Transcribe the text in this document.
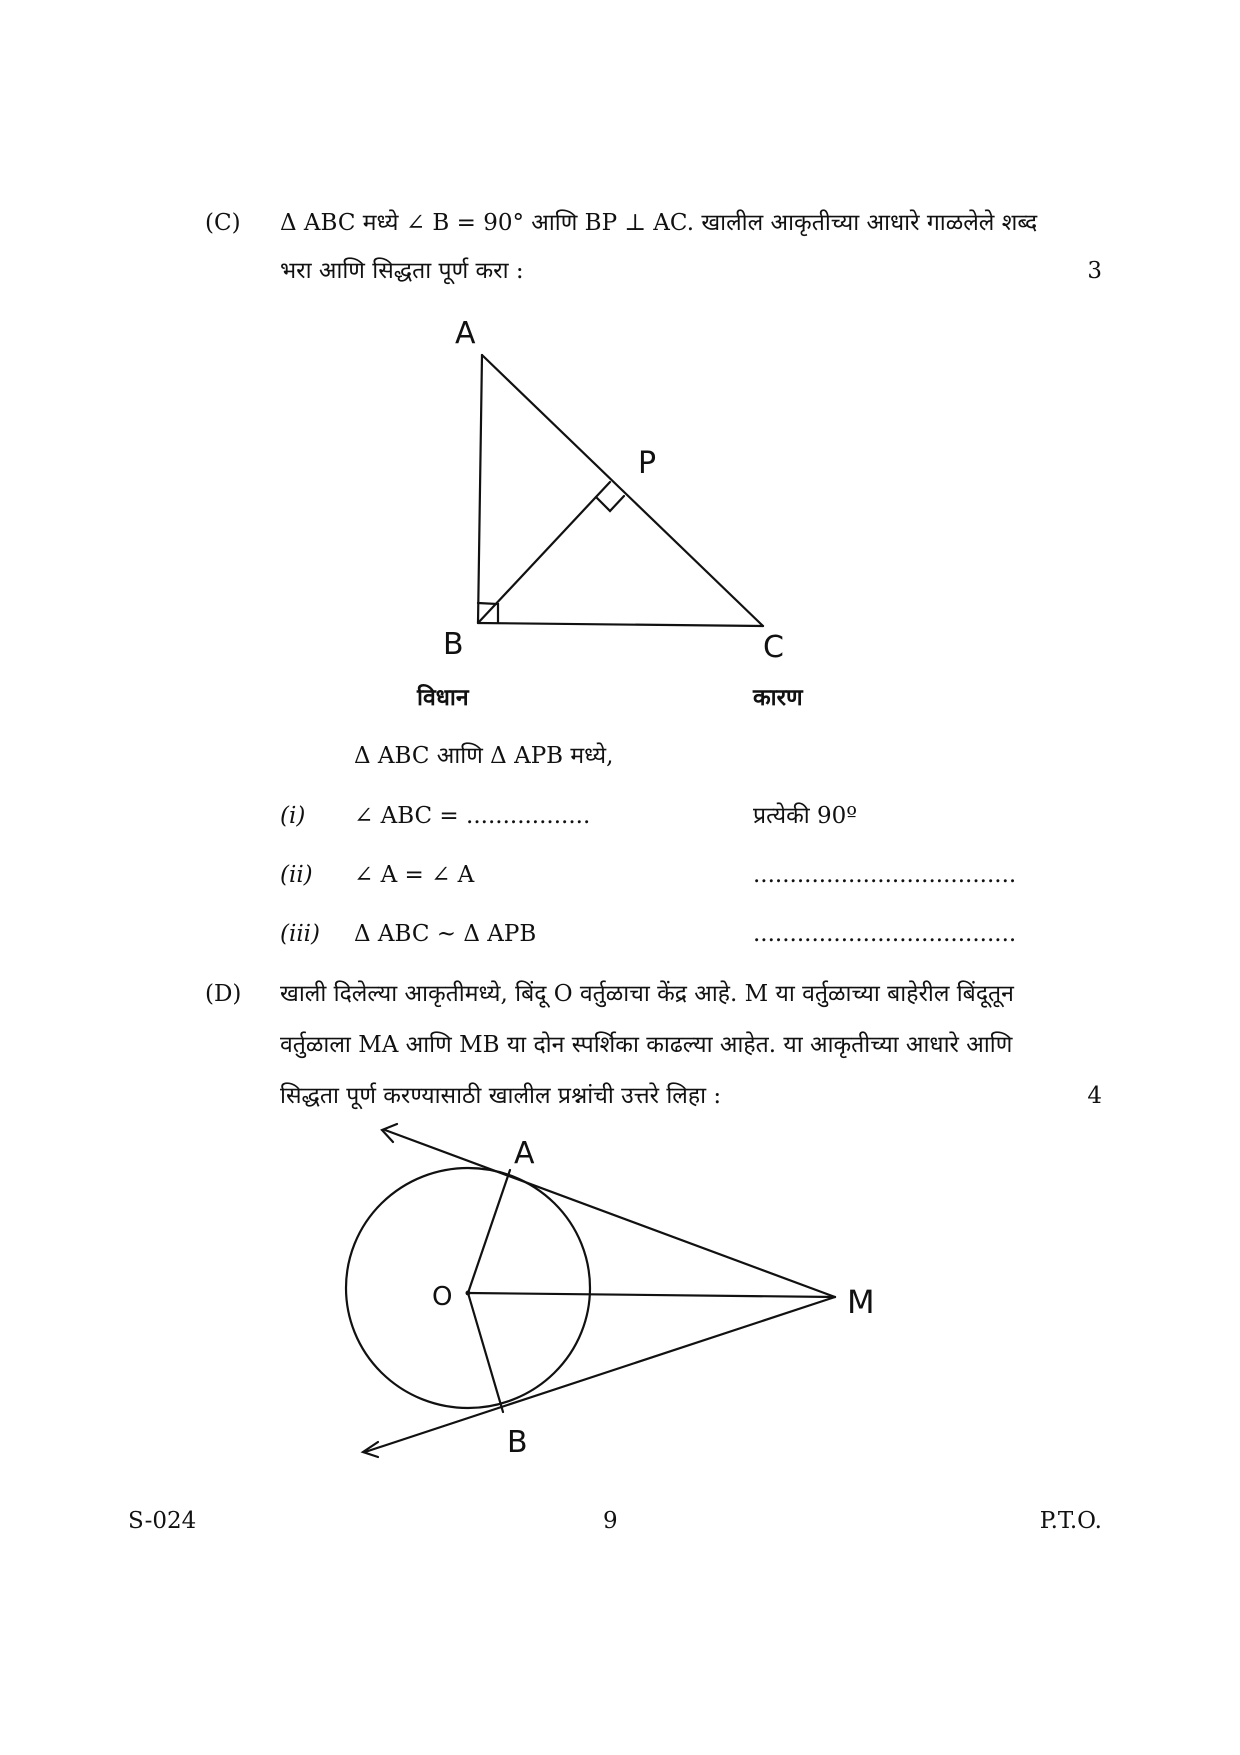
(C) Δ ABC मध्ये ∠ B = 90° आणि BP ⊥ AC. खालील आकृतीच्या आधारे गाळलेले शब्द
भरा आणि सिद्धता पूर्ण करा :	3
A
B	C
P
विधान	कारण
Δ ABC आणि Δ APB मध्ये,
(i) ∠ ABC = .................	प्रत्येकी 90º
(ii) ∠ A = ∠ A	....................................
(iii) Δ ABC ~ Δ APB	....................................
(D) खाली दिलेल्या आकृतीमध्ये, बिंदू O वर्तुळाचा केंद्र आहे. M या वर्तुळाच्या बाहेरील बिंदूतून
वर्तुळाला MA आणि MB या दोन स्पर्शिका काढल्या आहेत. या आकृतीच्या आधारे आणि
सिद्धता पूर्ण करण्यासाठी खालील प्रश्नांची उत्तरे लिहा :	4
A
O	M
B
S-024	9	P.T.O.
